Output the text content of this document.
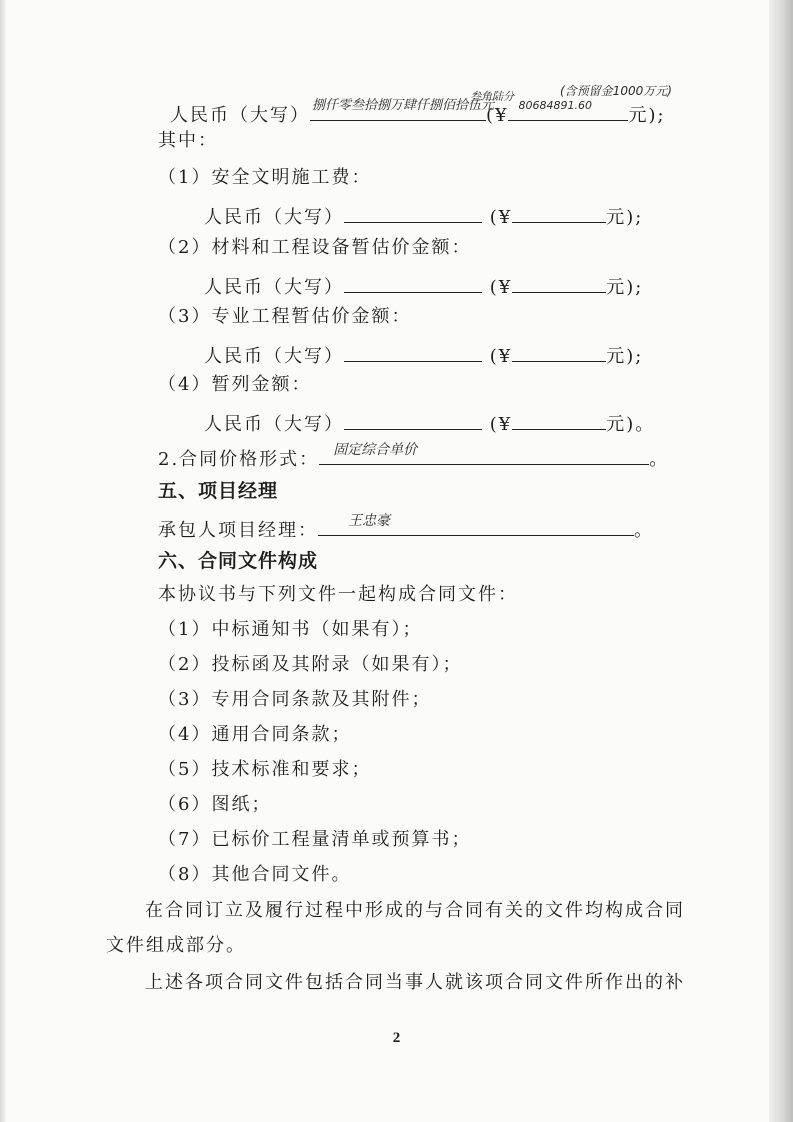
人民币（大写） 捌仟零叁拾捌万肆仟捌佰拾伍元
(¥ 80684891.60 元);
叁角陆分	(含预留金1000万元)
其中：
（1）安全文明施工费：
人民币（大写）	(¥	元);
（2）材料和工程设备暂估价金额：
人民币（大写）	(¥	元);
（3）专业工程暂估价金额：
人民币（大写）	(¥	元);
（4）暂列金额：
人民币（大写）	(¥	元)。
2.合同价格形式： 固定综合单价	。
五、项目经理
承包人项目经理： 王忠豪	。
六、合同文件构成
本协议书与下列文件一起构成合同文件：
（1）中标通知书（如果有）；
（2）投标函及其附录（如果有）；
（3）专用合同条款及其附件；
（4）通用合同条款；
（5）技术标准和要求；
（6）图纸；
（7）已标价工程量清单或预算书；
（8）其他合同文件。
在合同订立及履行过程中形成的与合同有关的文件均构成合同
文件组成部分。
上述各项合同文件包括合同当事人就该项合同文件所作出的补
2
